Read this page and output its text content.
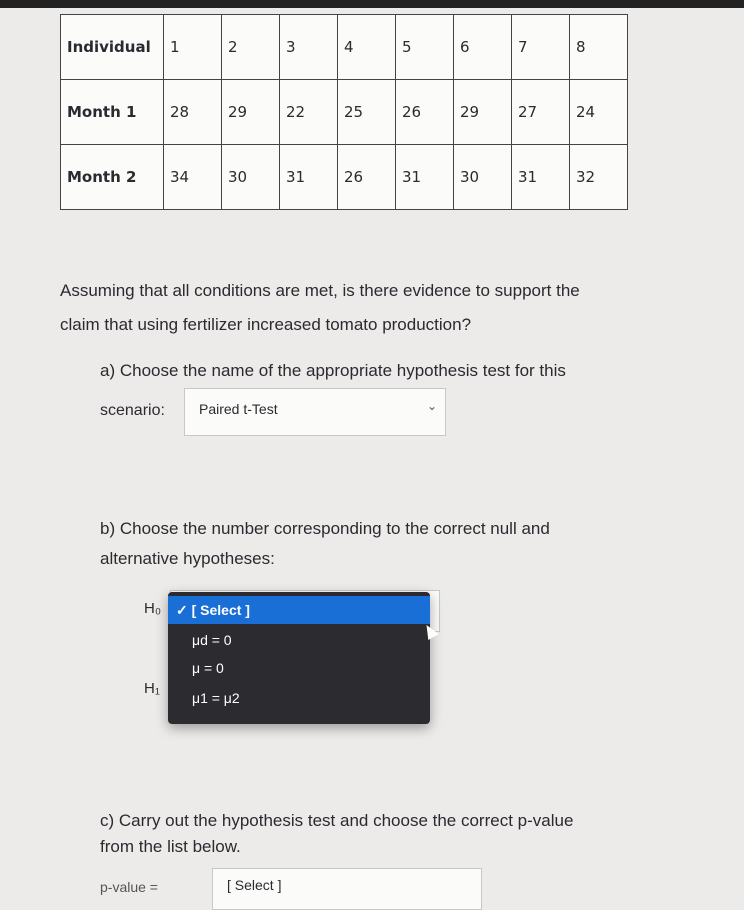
Individual	1	2	3	4	5	6	7	8
Month 1	28	29	22	25	26	29	27	24
Month 2	34	30	31	26	31	30	31	32
Assuming that all conditions are met, is there evidence to support the
claim that using fertilizer increased tomato production?
a) Choose the name of the appropriate hypothesis test for this
scenario: Paired t-Test	⌄
b) Choose the number corresponding to the correct null and
alternative hypotheses:
H₀
H₁
✓ [ Select ]
μd = 0
μ = 0
μ1 = μ2
c) Carry out the hypothesis test and choose the correct p-value
from the list below.
p-value =	[ Select ]
